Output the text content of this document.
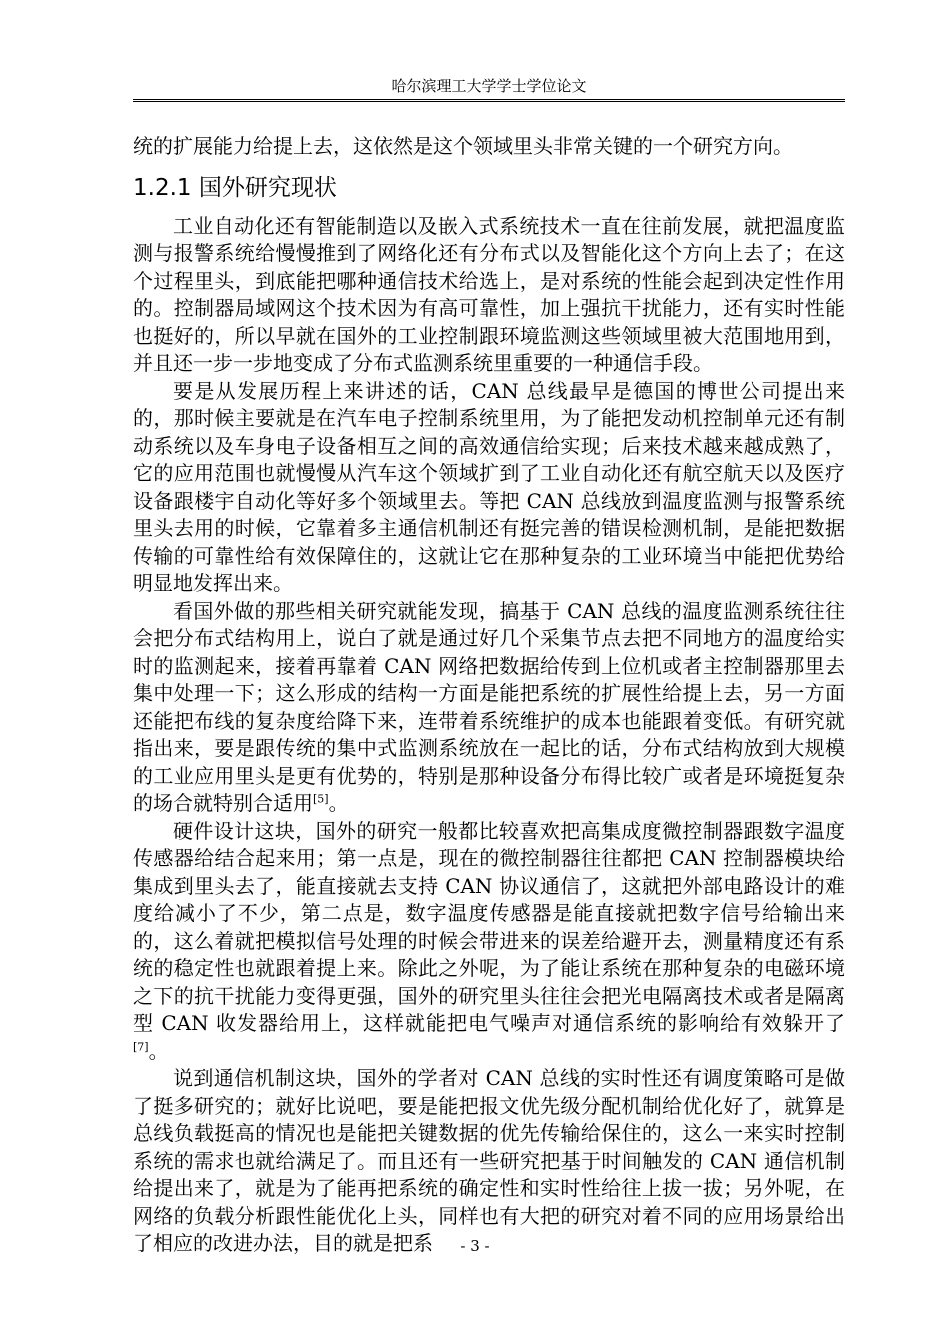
哈尔滨理工大学学士学位论文

统的扩展能力给提上去，这依然是这个领域里头非常关键的一个研究方向。

1.2.1 国外研究现状

工业自动化还有智能制造以及嵌入式系统技术一直在往前发展，就把温度监测与报警系统给慢慢推到了网络化还有分布式以及智能化这个方向上去了；在这个过程里头，到底能把哪种通信技术给选上，是对系统的性能会起到决定性作用的。控制器局域网这个技术因为有高可靠性，加上强抗干扰能力，还有实时性能也挺好的，所以早就在国外的工业控制跟环境监测这些领域里被大范围地用到，并且还一步一步地变成了分布式监测系统里重要的一种通信手段。

要是从发展历程上来讲述的话，CAN 总线最早是德国的博世公司提出来的，那时候主要就是在汽车电子控制系统里用，为了能把发动机控制单元还有制动系统以及车身电子设备相互之间的高效通信给实现；后来技术越来越成熟了，它的应用范围也就慢慢从汽车这个领域扩到了工业自动化还有航空航天以及医疗设备跟楼宇自动化等好多个领域里去。等把 CAN 总线放到温度监测与报警系统里头去用的时候，它靠着多主通信机制还有挺完善的错误检测机制，是能把数据传输的可靠性给有效保障住的，这就让它在那种复杂的工业环境当中能把优势给明显地发挥出来。

看国外做的那些相关研究就能发现，搞基于 CAN 总线的温度监测系统往往会把分布式结构用上，说白了就是通过好几个采集节点去把不同地方的温度给实时的监测起来，接着再靠着 CAN 网络把数据给传到上位机或者主控制器那里去集中处理一下；这么形成的结构一方面是能把系统的扩展性给提上去，另一方面还能把布线的复杂度给降下来，连带着系统维护的成本也能跟着变低。有研究就指出来，要是跟传统的集中式监测系统放在一起比的话，分布式结构放到大规模的工业应用里头是更有优势的，特别是那种设备分布得比较广或者是环境挺复杂的场合就特别合适用[5]。

硬件设计这块，国外的研究一般都比较喜欢把高集成度微控制器跟数字温度传感器给结合起来用；第一点是，现在的微控制器往往都把 CAN 控制器模块给集成到里头去了，能直接就去支持 CAN 协议通信了，这就把外部电路设计的难度给减小了不少，第二点是，数字温度传感器是能直接就把数字信号给输出来的，这么着就把模拟信号处理的时候会带进来的误差给避开去，测量精度还有系统的稳定性也就跟着提上来。除此之外呢，为了能让系统在那种复杂的电磁环境之下的抗干扰能力变得更强，国外的研究里头往往会把光电隔离技术或者是隔离型 CAN 收发器给用上，这样就能把电气噪声对通信系统的影响给有效躲开了[7]。

说到通信机制这块，国外的学者对 CAN 总线的实时性还有调度策略可是做了挺多研究的；就好比说吧，要是能把报文优先级分配机制给优化好了，就算是总线负载挺高的情况也是能把关键数据的优先传输给保住的，这么一来实时控制系统的需求也就给满足了。而且还有一些研究把基于时间触发的 CAN 通信机制给提出来了，就是为了能再把系统的确定性和实时性给往上拔一拔；另外呢，在网络的负载分析跟性能优化上头，同样也有大把的研究对着不同的应用场景给出了相应的改进办法，目的就是把系	- 3 -
